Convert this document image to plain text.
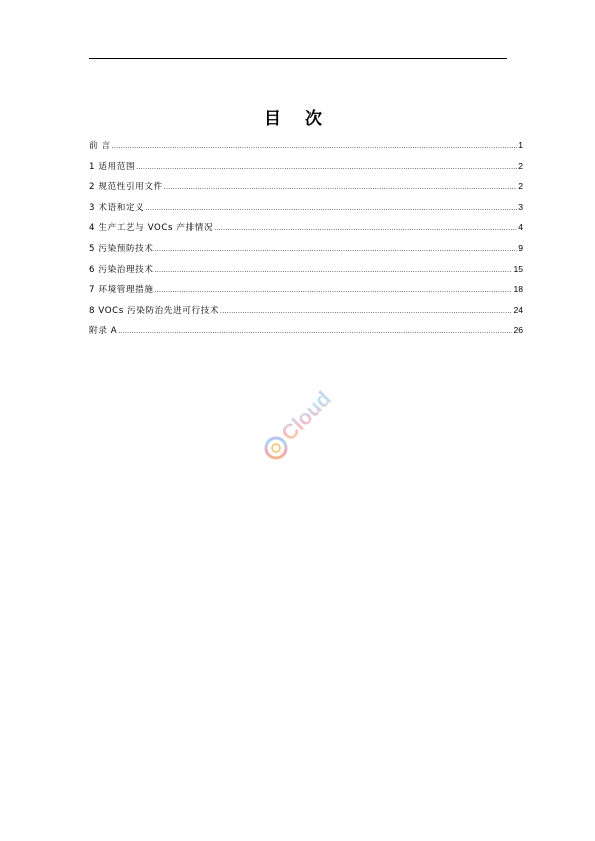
目 次
前 言 .....	1
1 适用范围 .....	2
2 规范性引用文件 .....	2
3 术语和定义 .....	3
4 生产工艺与 VOCs 产排情况 .....	4
5 污染预防技术 .....	9
6 污染治理技术 .....	15
7 环境管理措施 .....	18
8 VOCs 污染防治先进可行技术 .....	24
附录 A .....	26
Cloud
